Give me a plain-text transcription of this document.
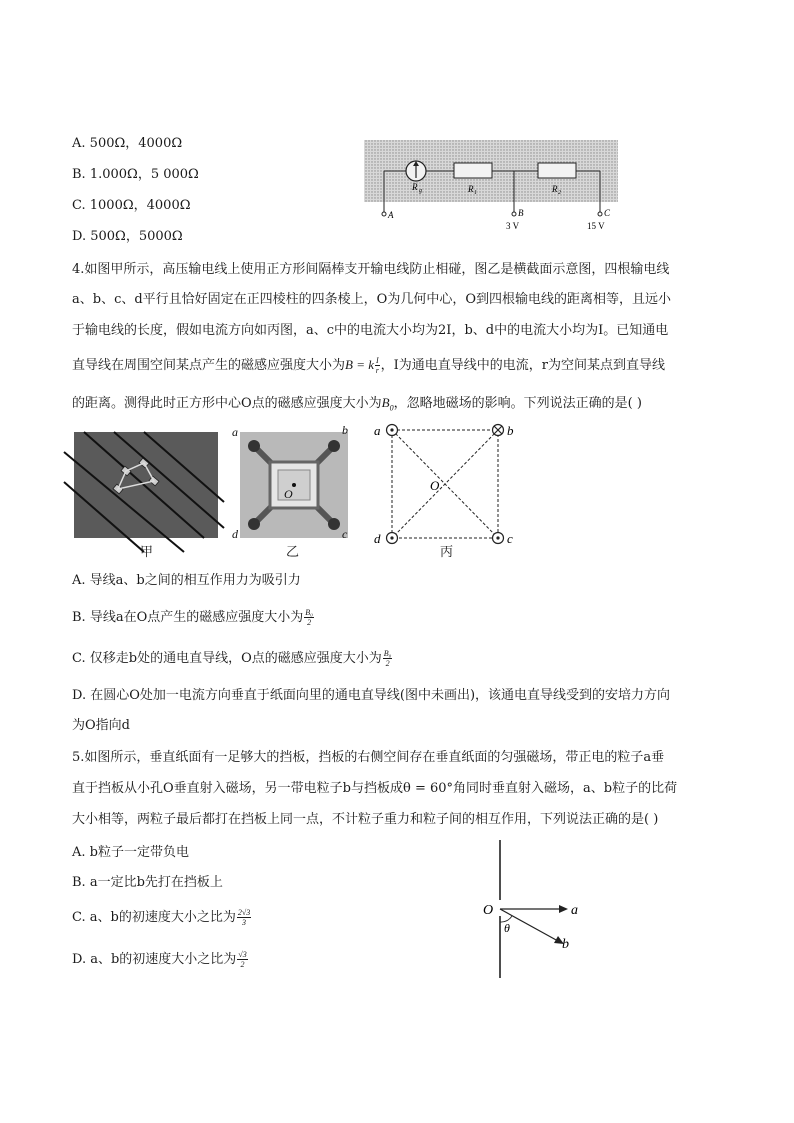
A. 500Ω，4000Ω
B. 1.000Ω，5 000Ω
C. 1000Ω，4000Ω
D. 500Ω，5000Ω
R g	R 1	R 2
A	B	C
3 V	15 V
4.如图甲所示，高压输电线上使用正方形间隔棒支开输电线防止相碰，图乙是横截面示意图，四根输电线
a、b、c、d平行且恰好固定在正四棱柱的四条棱上，O为几何中心，O到四根输电线的距离相等，且远小
于输电线的长度，假如电流方向如丙图，a、c中的电流大小均为2I，b、d中的电流大小均为I。已知通电
直导线在周围空间某点产生的磁感应强度大小为B = k $\frac{I}{r}$ ，I为通电直导线中的电流，r为空间某点到直导线
的距离。测得此时正方形中心O点的磁感应强度大小为$B_0$，忽略地磁场的影响。下列说法正确的是( )
甲
a	b
d	c
O
乙
a	b
d	c
O
丙
A. 导线a、b之间的相互作用力为吸引力
B. 导线a在O点产生的磁感应强度大小为 $\frac{\text{B₀}}{2}$
C. 仅移走b处的通电直导线，O点的磁感应强度大小为 $\frac{\text{B₀}}{2}$
D. 在圆心O处加一电流方向垂直于纸面向里的通电直导线(图中未画出)，该通电直导线受到的安培力方向
为O指向d
5.如图所示，垂直纸面有一足够大的挡板，挡板的右侧空间存在垂直纸面的匀强磁场，带正电的粒子a垂
直于挡板从小孔O垂直射入磁场，另一带电粒子b与挡板成θ = 60°角同时垂直射入磁场，a、b粒子的比荷
大小相等，两粒子最后都打在挡板上同一点，不计粒子重力和粒子间的相互作用，下列说法正确的是( )
A. b粒子一定带负电
B. a一定比b先打在挡板上
C. a、b的初速度大小之比为 $\frac{2√3}{3}$
D. a、b的初速度大小之比为 $\frac{√3}{2}$
O	a
b
θ
